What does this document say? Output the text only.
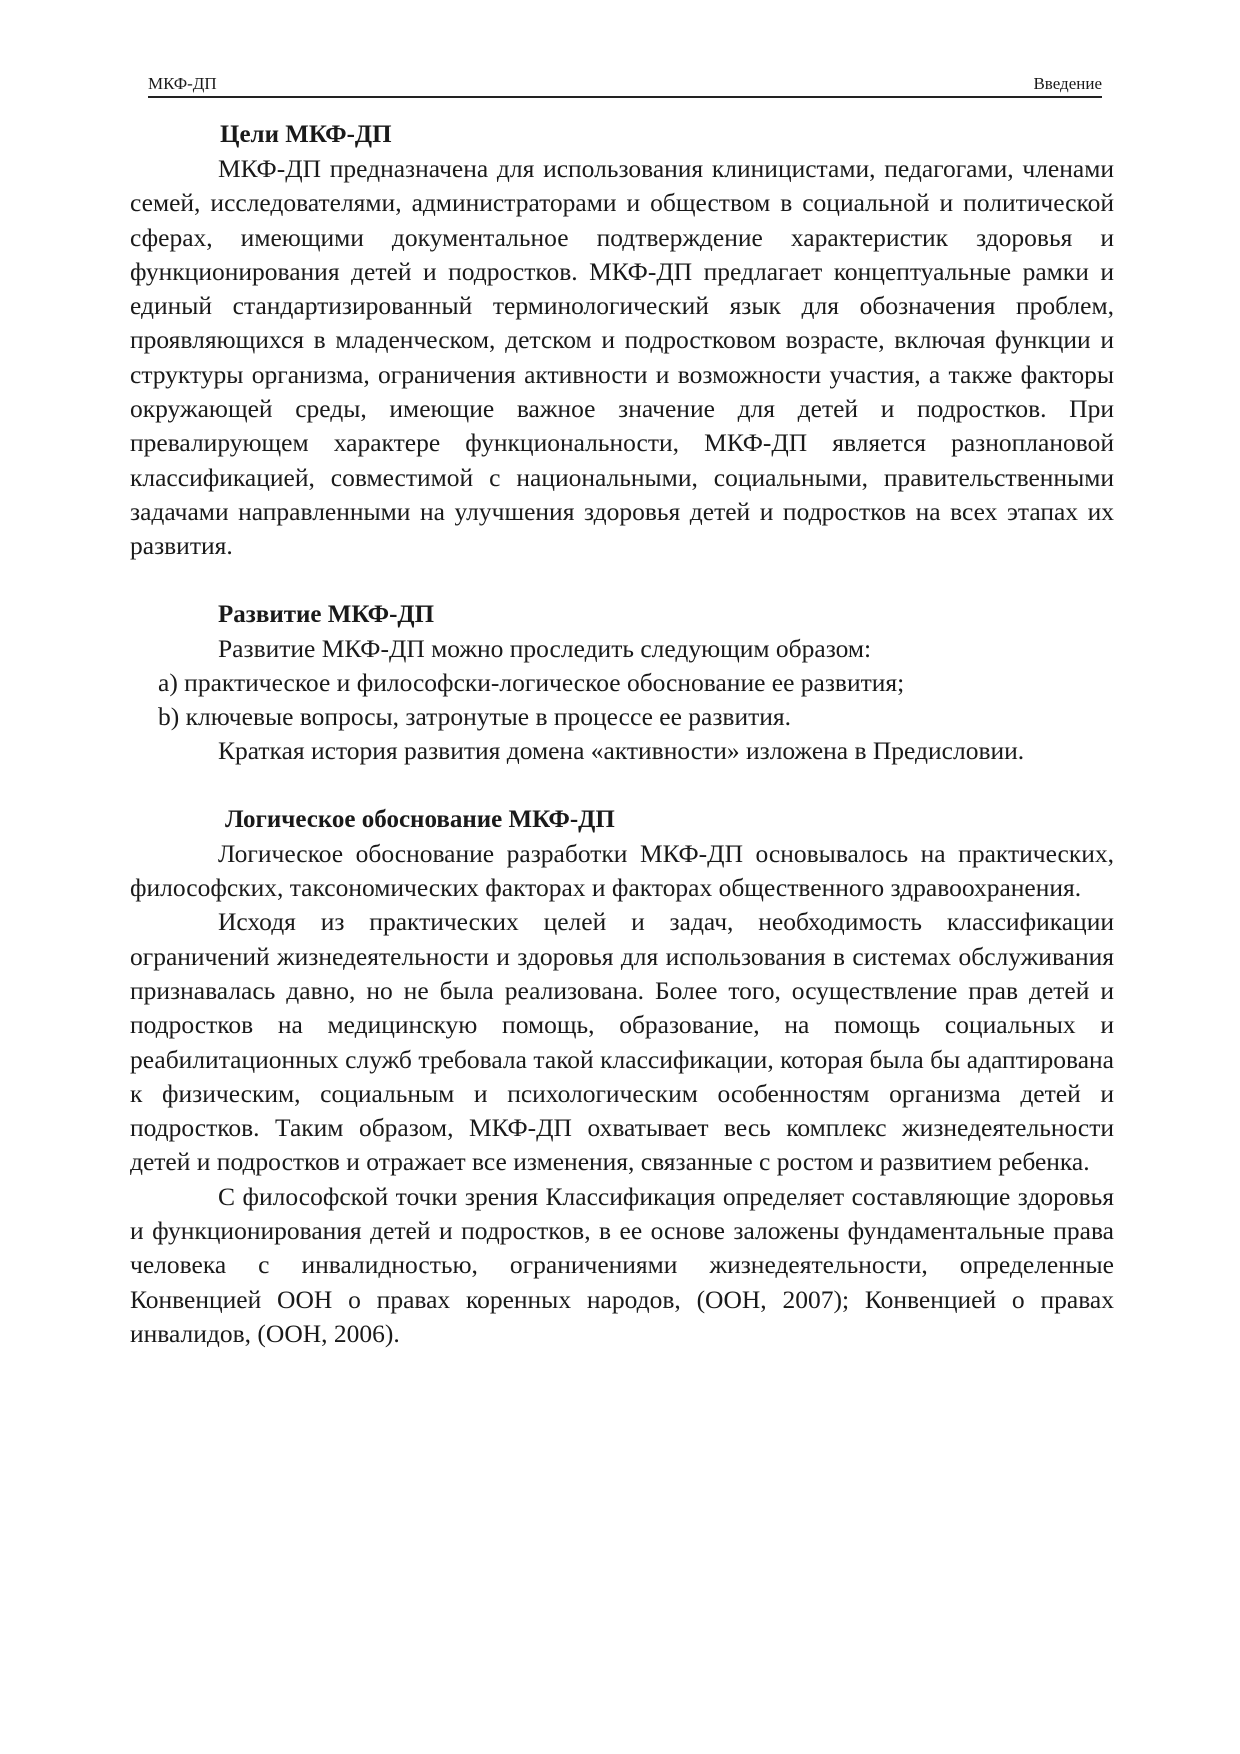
МКФ-ДП	Введение
Цели МКФ-ДП

МКФ-ДП предназначена для использования клиницистами, педагогами, членами семей, исследователями, администраторами и обществом в социальной и политической сферах, имеющими документальное подтверждение характеристик здоровья и функционирования детей и подростков. МКФ-ДП предлагает концептуальные рамки и единый стандартизированный терминологический язык для обозначения проблем, проявляющихся в младенческом, детском и подростковом возрасте, включая функции и структуры организма, ограничения активности и возможности участия, а также факторы окружающей среды, имеющие важное значение для детей и подростков. При превалирующем характере функциональности, МКФ-ДП является разноплановой классификацией, совместимой с национальными, социальными, правительственными задачами направленными на улучшения здоровья детей и подростков на всех этапах их развития.

Развитие МКФ-ДП

Развитие МКФ-ДП можно проследить следующим образом:

а) практическое и философски-логическое обоснование ее развития;

b) ключевые вопросы, затронутые в процессе ее развития.

Краткая история развития домена «активности» изложена в Предисловии.

Логическое обоснование МКФ-ДП

Логическое обоснование разработки МКФ-ДП основывалось на практических, философских, таксономических факторах и факторах общественного здравоохранения.

Исходя из практических целей и задач, необходимость классификации ограничений жизнедеятельности и здоровья для использования в системах обслуживания признавалась давно, но не была реализована. Более того, осуществление прав детей и подростков на медицинскую помощь, образование, на помощь социальных и реабилитационных служб требовала такой классификации, которая была бы адаптирована к физическим, социальным и психологическим особенностям организма детей и подростков. Таким образом, МКФ-ДП охватывает весь комплекс жизнедеятельности детей и подростков и отражает все изменения, связанные с ростом и развитием ребенка.

С философской точки зрения Классификация определяет составляющие здоровья и функционирования детей и подростков, в ее основе заложены фундаментальные права человека с инвалидностью, ограничениями жизнедеятельности, определенные Конвенцией ООН о правах коренных народов, (ООН, 2007); Конвенцией о правах инвалидов, (ООН, 2006).
